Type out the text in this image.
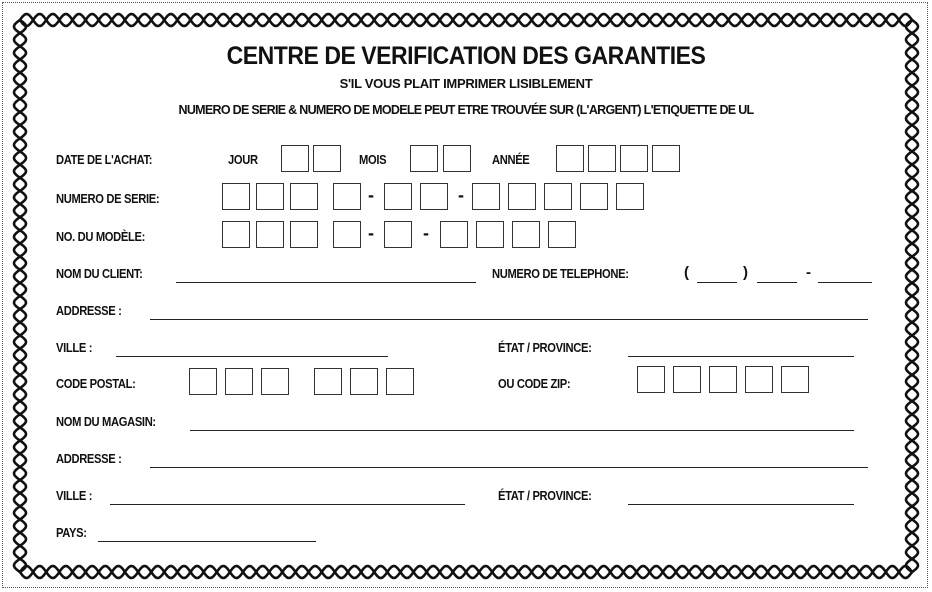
CENTRE DE VERIFICATION DES GARANTIES
S'IL VOUS PLAIT IMPRIMER LISIBLEMENT
NUMERO DE SERIE & NUMERO DE MODELE PEUT ETRE TROUVÉE SUR (L'ARGENT) L'ETIQUETTE DE UL
DATE DE L'ACHAT:	JOUR	MOIS	ANNÉE
NUMERO DE SERIE:	-	-
NO. DU MODÈLE:	-	-
NOM DU CLIENT:	NUMERO DE TELEPHONE:	(	)	-
ADDRESSE :
VILLE :	ÉTAT / PROVINCE:
CODE POSTAL:	OU CODE ZIP:
NOM DU MAGASIN:
ADDRESSE :
VILLE :	ÉTAT / PROVINCE:
PAYS:
